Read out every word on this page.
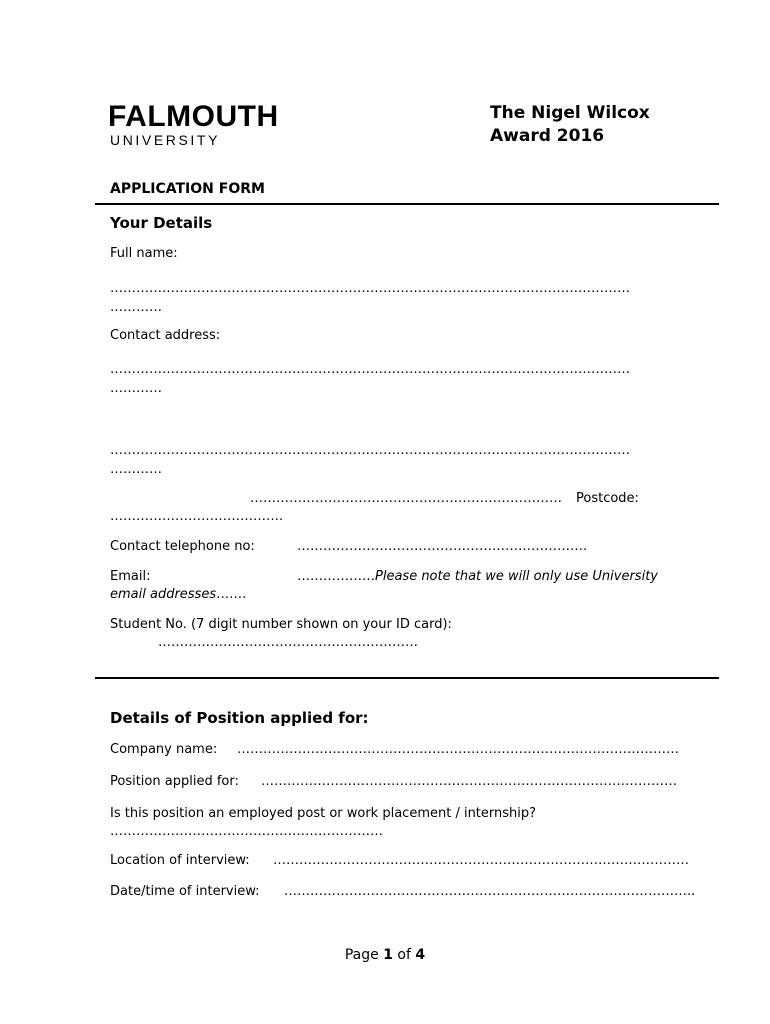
FALMOUTH
UNIVERSITY
The Nigel Wilcox
Award 2016
APPLICATION FORM
Your Details
Full name:
…………………………………………………………………………………………………………
…………
Contact address:
…………………………………………………………………………………………………………
…………
…………………………………………………………………………………………………………
…………
……………………………………………………………… Postcode:
………………………………….
Contact telephone no:	………………………………………………………….
Email:	………………Please note that we will only use University
email addresses…….
Student No. (7 digit number shown on your ID card):
……………………………………………………
Details of Position applied for:
Company name: …………………………………………………………………………………………
Position applied for: ……………………………………………………………………………………
Is this position an employed post or work placement / internship?
………………………………………………………
Location of interview: ……………………………………………………………………………………
Date/time of interview: …………………………………………………………………………………..
Page 1 of 4
